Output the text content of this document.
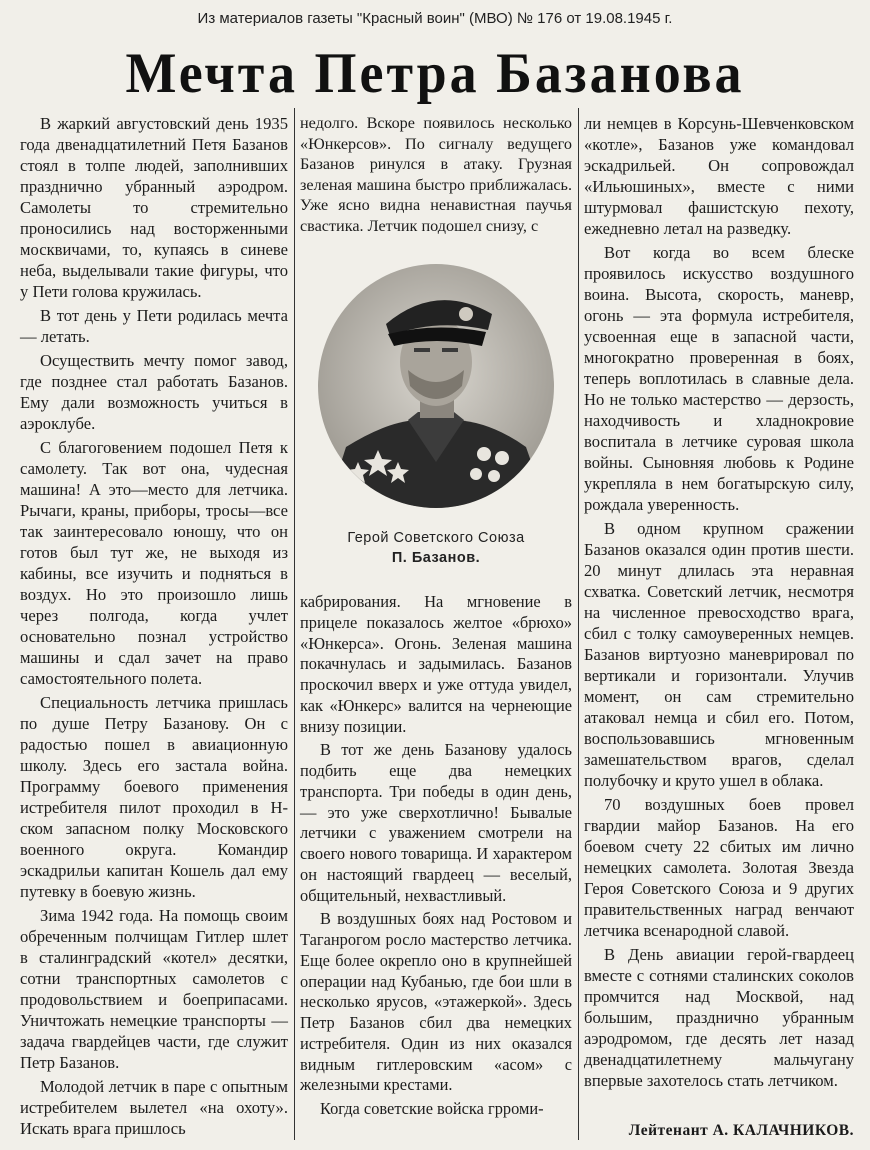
Из материалов газеты "Красный воин" (МВО) № 176 от 19.08.1945 г.
Мечта Петра Базанова

В жаркий августовский день 1935 года двенадцатилетний Петя Базанов стоял в толпе людей, заполнивших празднично убранный аэродром. Самолеты то стремительно проносились над восторженными москвичами, то, купаясь в синеве неба, выделывали такие фигуры, что у Пети голова кружилась.

В тот день у Пети родилась мечта — летать.

Осуществить мечту помог завод, где позднее стал работать Базанов. Ему дали возможность учиться в аэроклубе.

С благоговением подошел Петя к самолету. Так вот она, чудесная машина! А это—место для летчика. Рычаги, краны, приборы, тросы—все так заинтересовало юношу, что он готов был тут же, не выходя из кабины, все изучить и подняться в воздух. Но это произошло лишь через полгода, когда учлет основательно познал устройство машины и сдал зачет на право самостоятельного полета.

Специальность летчика пришлась по душе Петру Базанову. Он с радостью пошел в авиационную школу. Здесь его застала война. Программу боевого применения истребителя пилот проходил в Н-ском запасном полку Московского военного округа. Командир эскадрильи капитан Кошель дал ему путевку в боевую жизнь.

Зима 1942 года. На помощь своим обреченным полчищам Гитлер шлет в сталинградский «котел» десятки, сотни транспортных самолетов с продовольствием и боеприпасами. Уничтожать немецкие транспорты — задача гвардейцев части, где служит Петр Базанов.

Молодой летчик в паре с опытным истребителем вылетел «на охоту». Искать врага пришлось

недолго. Вскоре появилось несколько «Юнкерсов». По сигналу ведущего Базанов ринулся в атаку. Грузная зеленая машина быстро приближалась. Уже ясно видна ненавистная паучья свастика. Летчик подошел снизу, с

Герой Советского Союза
П. Базанов.

кабрирования. На мгновение в прицеле показалось желтое «брюхо» «Юнкерса». Огонь. Зеленая машина покачнулась и задымилась. Базанов проскочил вверх и уже оттуда увидел, как «Юнкерс» валится на чернеющие внизу позиции.

В тот же день Базанову удалось подбить еще два немецких транспорта. Три победы в один день, — это уже сверхотлично! Бывалые летчики с уважением смотрели на своего нового товарища. И характером он настоящий гвардеец — веселый, общительный, нехвастливый.

В воздушных боях над Ростовом и Таганрогом росло мастерство летчика. Еще более окрепло оно в крупнейшей операции над Кубанью, где бои шли в несколько ярусов, «этажеркой». Здесь Петр Базанов сбил два немецких истребителя. Один из них оказался видным гитлеровским «асом» с железными крестами.

Когда советские войска грроми-

ли немцев в Корсунь-Шевченковском «котле», Базанов уже командовал эскадрильей. Он сопровождал «Ильюшиных», вместе с ними штурмовал фашистскую пехоту, ежедневно летал на разведку.

Вот когда во всем блеске проявилось искусство воздушного воина. Высота, скорость, маневр, огонь — эта формула истребителя, усвоенная еще в запасной части, многократно проверенная в боях, теперь воплотилась в славные дела. Но не только мастерство — дерзость, находчивость и хладнокровие воспитала в летчике суровая школа войны. Сыновняя любовь к Родине укрепляла в нем богатырскую силу, рождала уверенность.

В одном крупном сражении Базанов оказался один против шести. 20 минут длилась эта неравная схватка. Советский летчик, несмотря на численное превосходство врага, сбил с толку самоуверенных немцев. Базанов виртуозно маневрировал по вертикали и горизонтали. Улучив момент, он сам стремительно атаковал немца и сбил его. Потом, воспользовавшись мгновенным замешательством врагов, сделал полубочку и круто ушел в облака.

70 воздушных боев провел гвардии майор Базанов. На его боевом счету 22 сбитых им лично немецких самолета. Золотая Звезда Героя Советского Союза и 9 других правительственных наград венчают летчика всенародной славой.

В День авиации герой-гвардеец вместе с сотнями сталинских соколов промчится над Москвой, над большим, празднично убранным аэродромом, где десять лет назад двенадцатилетнему мальчугану впервые захотелось стать летчиком.

Лейтенант А. КАЛАЧНИКОВ.
